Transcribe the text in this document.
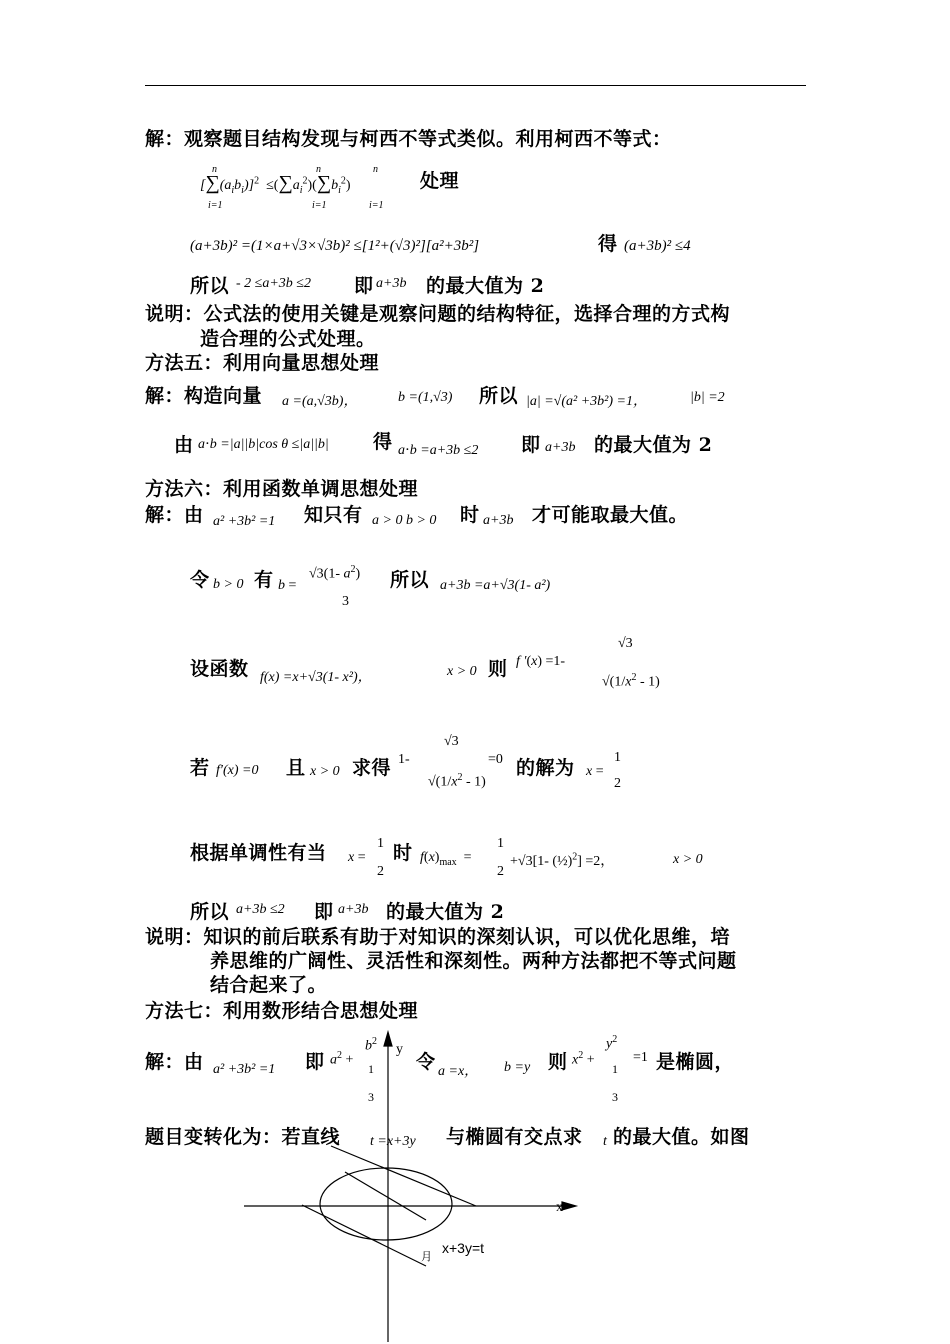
解：观察题目结构发现与柯西不等式类似。利用柯西不等式：
$[\sum(a_ib_i)]^2 \le(\sum a_i^2)(\sum b_i^2)$
n
i=1
n
i=1
n
i=1
处理
(a+3b)² =(1×a+√3×√3b)² ≤[1²+(√3)²][a²+3b²]	得 (a+3b)² ≤4
所以 - 2 ≤a+3b ≤2 即 a+3b 的最大值为 2
说明：公式法的使用关键是观察问题的结构特征，选择合理的方式构
造合理的公式处理。
方法五：利用向量思想处理
解：构造向量 a =(a,√3b)，	b =(1,√3) 所以 |a| =√(a² +3b²) =1，	|b| =2
由 a⋅b =|a||b|cos θ ≤|a||b| 得 a⋅b =a+3b ≤2 即 a+3b 的最大值为 2
方法六：利用函数单调思想处理
解：由 a² +3b² =1 知只有 a > 0 b > 0 时 a+3b 才可能取最大值。
令 b > 0 有 b =
√3(1- $a^2$)
3
所以 a+3b =a+√3(1- a²)
设函数 f(x) =x+√3(1- x²)，	x > 0 则 f ′(x) =1-
√3
$√(1/x^2 - 1)$
若 f′(x) =0 且 x > 0 求得 1-
√3
$√(1/x^2 - 1)$
=0 的解为 x =
1
2
根据单调性有当 x =
1
2
时 $f(x)_{max}$  =
1
2
+√3[1- (½)$^2$] =2，	x > 0
所以 a+3b ≤2 即 a+3b 的最大值为 2
说明：知识的前后联系有助于对知识的深刻认识，可以优化思维，培
养思维的广阔性、灵活性和深刻性。两种方法都把不等式问题
结合起来了。
方法七：利用数形结合思想处理
解：由 a² +3b² =1 即 $a^2$ +
$b^2$
1
3
令 a =x， b =y 则 $x^2$ +
$y^2$
1
3
=1 是椭圆，
题目变转化为：若直线 t =x+3y 与椭圆有交点求 t 的最大值。如图
y
x
x+3y=t
月
